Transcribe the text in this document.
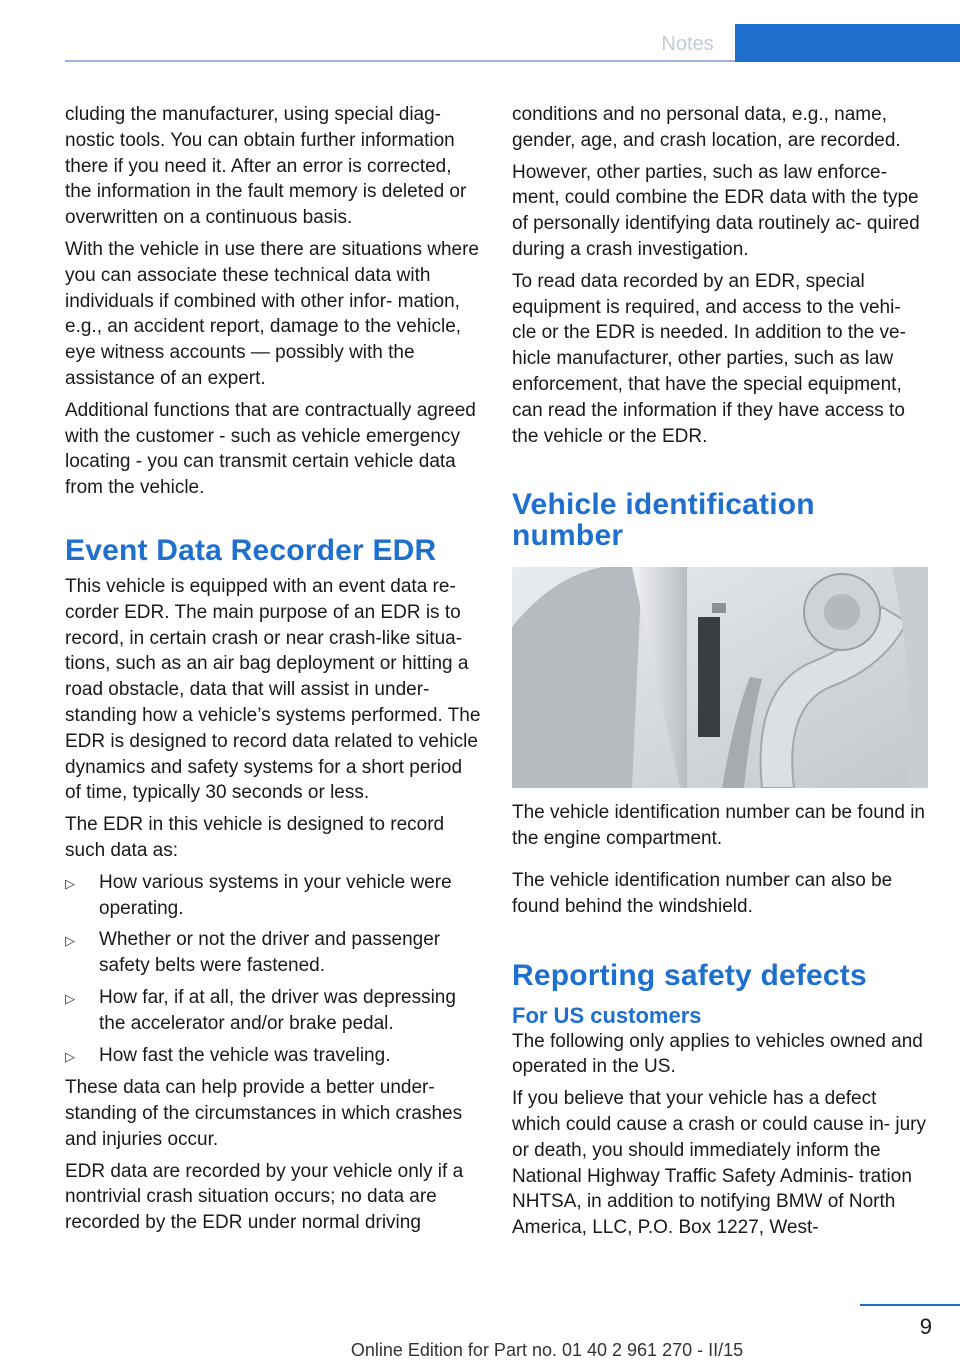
Notes

cluding the manufacturer, using special diag‐ nostic tools. You can obtain further information there if you need it. After an error is corrected, the information in the fault memory is deleted or overwritten on a continuous basis.

With the vehicle in use there are situations where you can associate these technical data with individuals if combined with other infor‐ mation, e.g., an accident report, damage to the vehicle, eye witness accounts — possibly with the assistance of an expert.

Additional functions that are contractually agreed with the customer - such as vehicle emergency locating - you can transmit certain vehicle data from the vehicle.

Event Data Recorder EDR

This vehicle is equipped with an event data re‐ corder EDR. The main purpose of an EDR is to record, in certain crash or near crash-like situa‐ tions, such as an air bag deployment or hitting a road obstacle, data that will assist in under‐ standing how a vehicle’s systems performed. The EDR is designed to record data related to vehicle dynamics and safety systems for a short period of time, typically 30 seconds or less.

The EDR in this vehicle is designed to record such data as:

▷	How various systems in your vehicle were operating.
▷	Whether or not the driver and passenger safety belts were fastened.
▷	How far, if at all, the driver was depressing the accelerator and/or brake pedal.
▷	How fast the vehicle was traveling.

These data can help provide a better under‐ standing of the circumstances in which crashes and injuries occur.

EDR data are recorded by your vehicle only if a nontrivial crash situation occurs; no data are recorded by the EDR under normal driving

conditions and no personal data, e.g., name, gender, age, and crash location, are recorded.

However, other parties, such as law enforce‐ ment, could combine the EDR data with the type of personally identifying data routinely ac‐ quired during a crash investigation.

To read data recorded by an EDR, special equipment is required, and access to the vehi‐ cle or the EDR is needed. In addition to the ve‐ hicle manufacturer, other parties, such as law enforcement, that have the special equipment, can read the information if they have access to the vehicle or the EDR.

Vehicle identification
number

The vehicle identification number can be found in the engine compartment.

The vehicle identification number can also be found behind the windshield.

Reporting safety defects
For US customers

The following only applies to vehicles owned and operated in the US.

If you believe that your vehicle has a defect which could cause a crash or could cause in‐ jury or death, you should immediately inform the National Highway Traffic Safety Adminis‐ tration NHTSA, in addition to notifying BMW of North America, LLC, P.O. Box 1227, West‐

9
Online Edition for Part no. 01 40 2 961 270 - II/15
